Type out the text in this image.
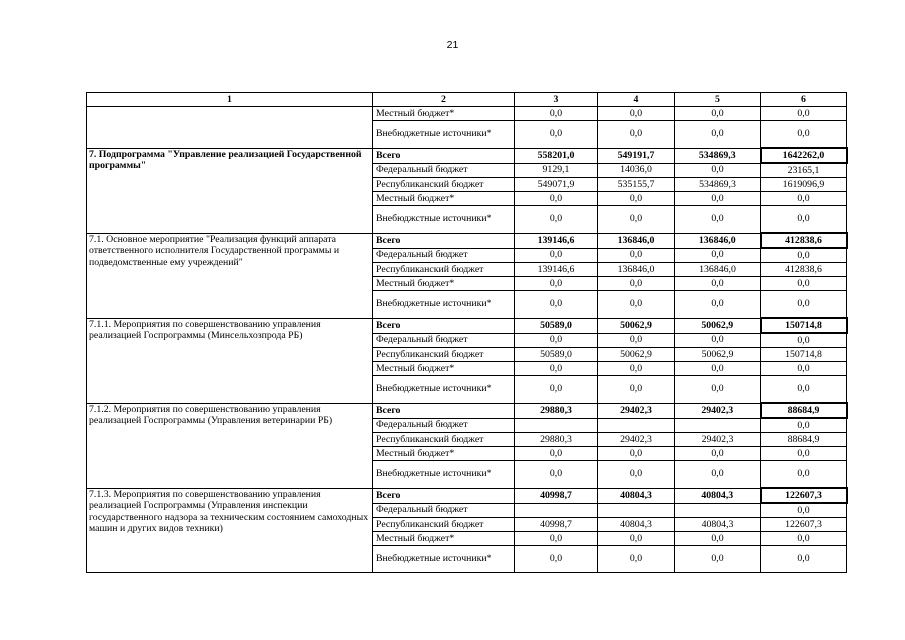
21
1	2	3	4	5	6
	Местный бюджет*	0,0	0,0	0,0	0,0
	Внебюджетные источники*	0,0	0,0	0,0	0,0
7. Подпрограмма "Управление реализацией Государственной программы"	Всего	558201,0	549191,7	534869,3	1642262,0
	Федеральный бюджет	9129,1	14036,0	0,0	23165,1
	Республиканский бюджет	549071,9	535155,7	534869,3	1619096,9
	Местный бюджет*	0,0	0,0	0,0	0,0
	Внебюджстные источники*	0,0	0,0	0,0	0,0
7.1. Основное мероприятие "Реализация функций аппарата ответственного исполнителя Государственной программы и подведомственные ему учреждений"	Всего	139146,6	136846,0	136846,0	412838,6
	Федеральный бюджет	0,0	0,0	0,0	0,0
	Республиканский бюджет	139146,6	136846,0	136846,0	412838,6
	Местный бюджет*	0,0	0,0	0,0	0,0
	Внебюджетные источники*	0,0	0,0	0,0	0,0
7.1.1. Мероприятия по совершенствованию управления реализацией Госпрограммы (Минсельхозпрода РБ)	Всего	50589,0	50062,9	50062,9	150714,8
	Федеральный бюджет	0,0	0,0	0,0	0,0
	Республиканский бюджет	50589,0	50062,9	50062,9	150714,8
	Местный бюджет*	0,0	0,0	0,0	0,0
	Внебюджетные источники*	0,0	0,0	0,0	0,0
7.1.2. Мероприятия по совершенствованию управления реализацией Госпрограммы (Управления ветеринарии РБ)	Всего	29880,3	29402,3	29402,3	88684,9
	Федеральный бюджет				0,0
	Республиканский бюджет	29880,3	29402,3	29402,3	88684,9
	Местный бюджет*	0,0	0,0	0,0	0,0
	Внебюджетные источники*	0,0	0,0	0,0	0,0
7.1.3. Мероприятия по совершенствованию управления реализацией Госпрограммы (Управления инспекции государственного надзора за техническим состоянием самоходных машин и других видов техники)	Всего	40998,7	40804,3	40804,3	122607,3
	Федеральный бюджет				0,0
	Республиканский бюджет	40998,7	40804,3	40804,3	122607,3
	Местный бюджет*	0,0	0,0	0,0	0,0
	Внебюджетные источники*	0,0	0,0	0,0	0,0
